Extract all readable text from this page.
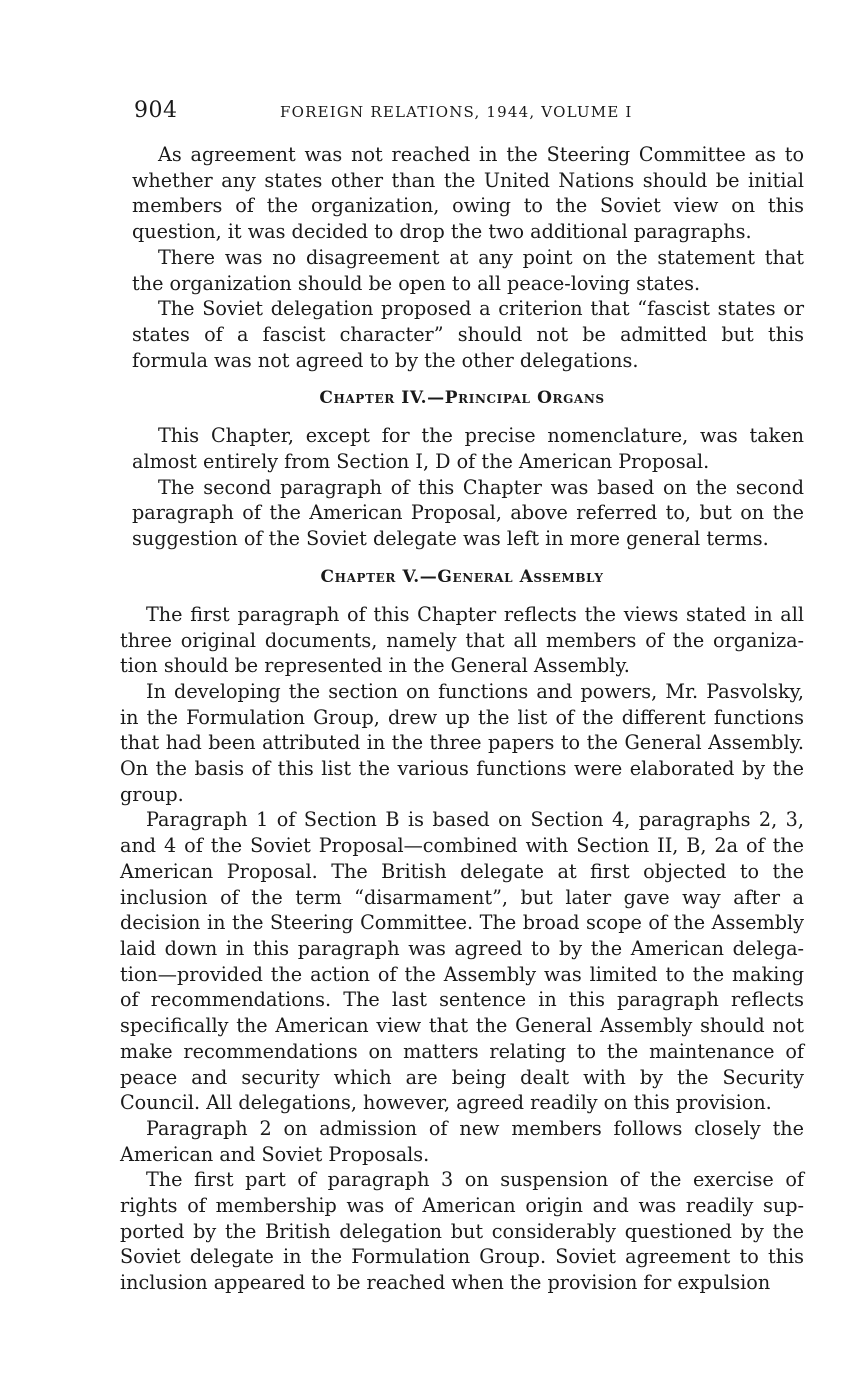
904	FOREIGN RELATIONS, 1944, VOLUME I

As agreement was not reached in the Steering Committee as to whether any states other than the United Nations should be initial members of the organization, owing to the Soviet view on this question, it was decided to drop the two additional paragraphs.

There was no disagreement at any point on the statement that the organization should be open to all peace-loving states.

The Soviet delegation proposed a criterion that “fascist states or states of a fascist character” should not be admitted but this formula was not agreed to by the other delegations.

Chapter IV.—Principal Organs

This Chapter, except for the precise nomenclature, was taken almost entirely from Section I, D of the American Proposal.

The second paragraph of this Chapter was based on the second paragraph of the American Proposal, above referred to, but on the suggestion of the Soviet delegate was left in more general terms.

Chapter V.—General Assembly

The first paragraph of this Chapter reflects the views stated in all three original documents, namely that all members of the organization should be represented in the General Assembly.

In developing the section on functions and powers, Mr. Pasvolsky, in the Formulation Group, drew up the list of the different functions that had been attributed in the three papers to the General Assembly. On the basis of this list the various functions were elaborated by the group.

Paragraph 1 of Section B is based on Section 4, paragraphs 2, 3, and 4 of the Soviet Proposal—combined with Section II, B, 2a of the American Proposal. The British delegate at first objected to the inclusion of the term “disarmament”, but later gave way after a decision in the Steering Committee. The broad scope of the Assembly laid down in this paragraph was agreed to by the American delegation—provided the action of the Assembly was limited to the making of recommendations. The last sentence in this paragraph reflects specifically the American view that the General Assembly should not make recommendations on matters relating to the maintenance of peace and security which are being dealt with by the Security Council. All delegations, however, agreed readily on this provision.

Paragraph 2 on admission of new members follows closely the American and Soviet Proposals.

The first part of paragraph 3 on suspension of the exercise of rights of membership was of American origin and was readily supported by the British delegation but considerably questioned by the Soviet delegate in the Formulation Group. Soviet agreement to this inclusion appeared to be reached when the provision for expulsion
